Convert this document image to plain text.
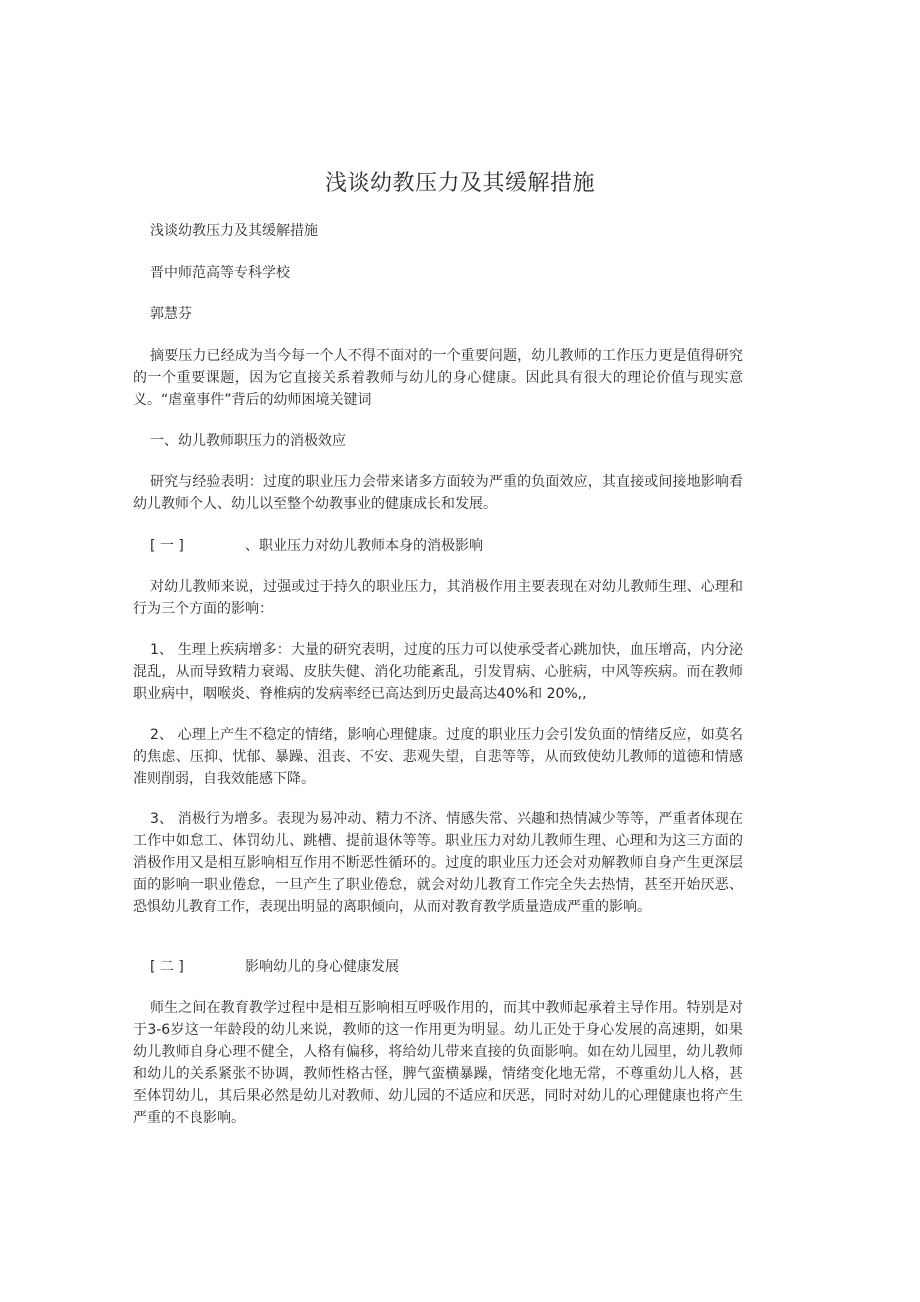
浅谈幼教压力及其缓解措施
浅谈幼教压力及其缓解措施
晋中师范高等专科学校
郭慧芬
摘要压力已经成为当今每一个人不得不面对的一个重要问题，幼儿教师的工作压力更是值得研究的一个重要课题，因为它直接关系着教师与幼儿的身心健康。因此具有很大的理论价值与现实意义。“虐童事件”背后的幼师困境关键词
一、幼儿教师职压力的消极效应
研究与经验表明：过度的职业压力会带来诸多方面较为严重的负面效应，其直接或间接地影响看幼儿教师个人、幼儿以至整个幼教事业的健康成长和发展。
[ 一 ]	、职业压力对幼儿教师本身的消极影响
对幼儿教师来说，过强或过于持久的职业压力，其消极作用主要表现在对幼儿教师生理、心理和行为三个方面的影响：
1、 生理上疾病增多：大量的研究表明，过度的压力可以使承受者心跳加快，血压增高，内分泌混乱，从而导致精力衰竭、皮肤失健、消化功能紊乱，引发胃病、心脏病，中风等疾病。而在教师职业病中，咽喉炎、脊椎病的发病率经已高达到历史最高达40%和 20%,,
2、 心理上产生不稳定的情绪，影响心理健康。过度的职业压力会引发负面的情绪反应，如莫名的焦虑、压抑、忧郁、暴躁、沮丧、不安、悲观失望，自悲等等，从而致使幼儿教师的道德和情感准则削弱，自我效能感下降。
3、 消极行为增多。表现为易冲动、精力不济、情感失常、兴趣和热情减少等等，严重者体现在工作中如怠工、体罚幼儿、跳槽、提前退休等等。职业压力对幼儿教师生理、心理和为这三方面的消极作用又是相互影响相互作用不断恶性循环的。过度的职业压力还会对劝解教师自身产生更深层面的影响一职业倦怠，一旦产生了职业倦怠，就会对幼儿教育工作完全失去热情，甚至开始厌恶、恐惧幼儿教育工作，表现出明显的离职倾向，从而对教育教学质量造成严重的影响。
[ 二 ]	影响幼儿的身心健康发展
师生之间在教育教学过程中是相互影响相互呼吸作用的，而其中教师起承着主导作用。特别是对于3-6岁这一年龄段的幼儿来说，教师的这一作用更为明显。幼儿正处于身心发展的高速期，如果幼儿教师自身心理不健全，人格有偏移，将给幼儿带来直接的负面影响。如在幼儿园里，幼儿教师和幼儿的关系紧张不协调，教师性格古怪，脾气蛮横暴躁，情绪变化地无常，不尊重幼儿人格，甚至体罚幼儿，其后果必然是幼儿对教师、幼儿园的不适应和厌恶，同时对幼儿的心理健康也将产生严重的不良影响。
